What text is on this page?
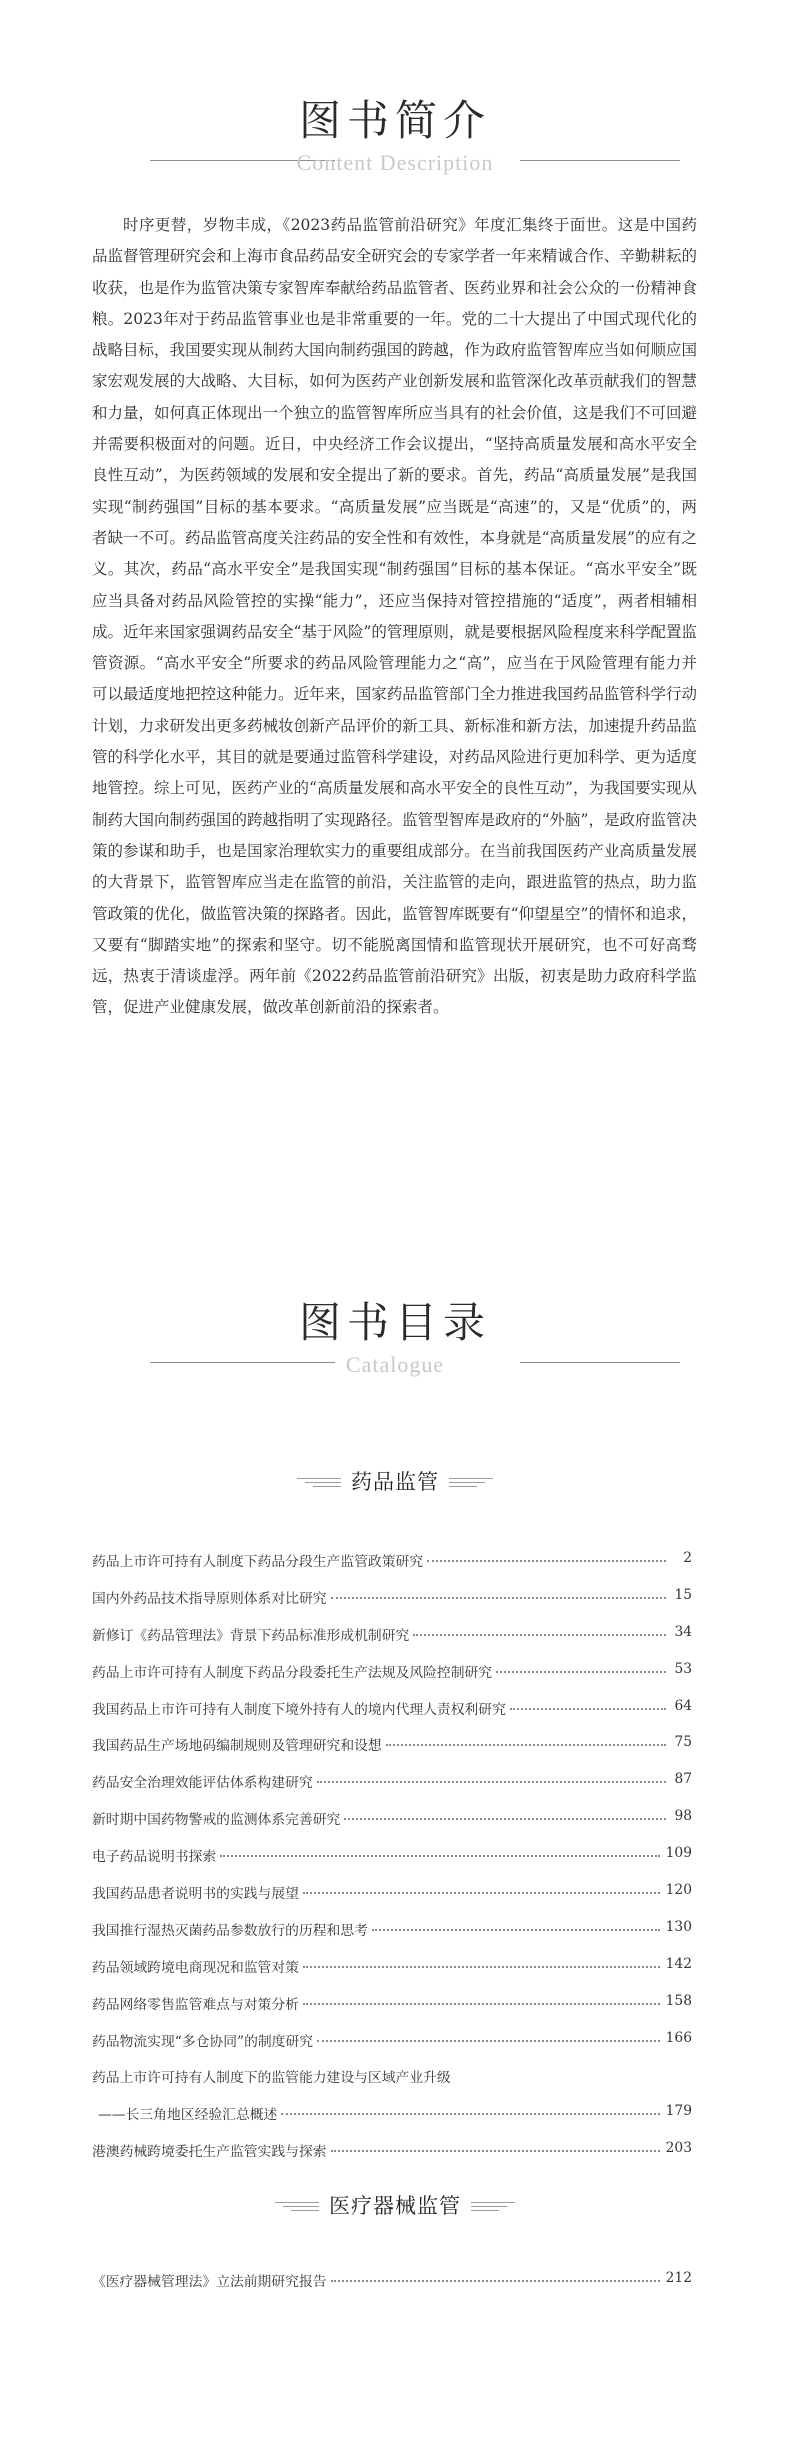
图书简介
Content Description

时序更替，岁物丰成，《2023药品监管前沿研究》年度汇集终于面世。这是中国药品监督管理研究会和上海市食品药品安全研究会的专家学者一年来精诚合作、辛勤耕耘的收获，也是作为监管决策专家智库奉献给药品监管者、医药业界和社会公众的一份精神食粮。2023年对于药品监管事业也是非常重要的一年。党的二十大提出了中国式现代化的战略目标，我国要实现从制药大国向制药强国的跨越，作为政府监管智库应当如何顺应国家宏观发展的大战略、大目标，如何为医药产业创新发展和监管深化改革贡献我们的智慧和力量，如何真正体现出一个独立的监管智库所应当具有的社会价值，这是我们不可回避并需要积极面对的问题。近日，中央经济工作会议提出，“坚持高质量发展和高水平安全良性互动”，为医药领域的发展和安全提出了新的要求。首先，药品“高质量发展”是我国实现“制药强国”目标的基本要求。“高质量发展”应当既是“高速”的，又是“优质”的，两者缺一不可。药品监管高度关注药品的安全性和有效性，本身就是“高质量发展”的应有之义。其次，药品“高水平安全”是我国实现“制药强国”目标的基本保证。“高水平安全”既应当具备对药品风险管控的实操“能力”，还应当保持对管控措施的“适度”，两者相辅相成。近年来国家强调药品安全“基于风险”的管理原则，就是要根据风险程度来科学配置监管资源。“高水平安全”所要求的药品风险管理能力之“高”，应当在于风险管理有能力并可以最适度地把控这种能力。近年来，国家药品监管部门全力推进我国药品监管科学行动计划，力求研发出更多药械妆创新产品评价的新工具、新标准和新方法，加速提升药品监管的科学化水平，其目的就是要通过监管科学建设，对药品风险进行更加科学、更为适度地管控。综上可见，医药产业的“高质量发展和高水平安全的良性互动”，为我国要实现从制药大国向制药强国的跨越指明了实现路径。监管型智库是政府的“外脑”，是政府监管决策的参谋和助手，也是国家治理软实力的重要组成部分。在当前我国医药产业高质量发展的大背景下，监管智库应当走在监管的前沿，关注监管的走向，跟进监管的热点，助力监管政策的优化，做监管决策的探路者。因此，监管智库既要有“仰望星空”的情怀和追求，又要有“脚踏实地”的探索和坚守。切不能脱离国情和监管现状开展研究，也不可好高骛远，热衷于清谈虚浮。两年前《2022药品监管前沿研究》出版，初衷是助力政府科学监管，促进产业健康发展，做改革创新前沿的探索者。

图书目录
Catalogue
药品监管
药品上市许可持有人制度下药品分段生产监管政策研究	2
国内外药品技术指导原则体系对比研究	15
新修订《药品管理法》背景下药品标准形成机制研究	34
药品上市许可持有人制度下药品分段委托生产法规及风险控制研究	53
我国药品上市许可持有人制度下境外持有人的境内代理人责权利研究	64
我国药品生产场地码编制规则及管理研究和设想	75
药品安全治理效能评估体系构建研究	87
新时期中国药物警戒的监测体系完善研究	98
电子药品说明书探索	109
我国药品患者说明书的实践与展望	120
我国推行湿热灭菌药品参数放行的历程和思考	130
药品领域跨境电商现况和监管对策	142
药品网络零售监管难点与对策分析	158
药品物流实现“多仓协同”的制度研究	166
药品上市许可持有人制度下的监管能力建设与区域产业升级
——长三角地区经验汇总概述	179
港澳药械跨境委托生产监管实践与探索	203
医疗器械监管
《医疗器械管理法》立法前期研究报告	212
